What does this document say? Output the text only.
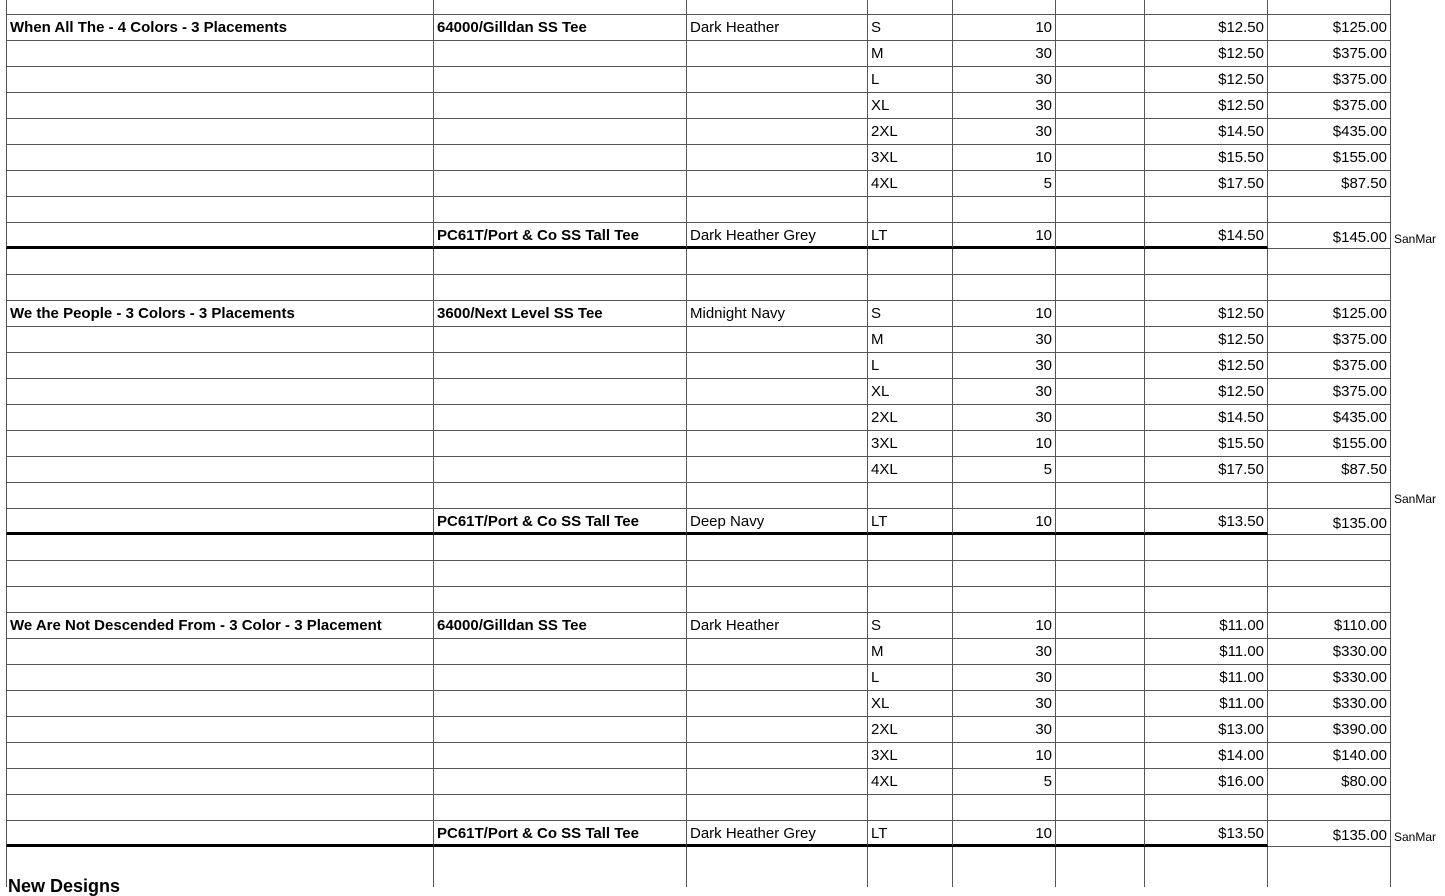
When All The - 4 Colors - 3 Placements	64000/Gilldan SS Tee	Dark Heather	S	10	$12.50	$125.00
M	30	$12.50	$375.00
L	30	$12.50	$375.00
XL	30	$12.50	$375.00
2XL	30	$14.50	$435.00
3XL	10	$15.50	$155.00
4XL	5	$17.50	$87.50
PC61T/Port & Co SS Tall Tee	Dark Heather Grey	LT	10	$14.50	$145.00 SanMar
We the People - 3 Colors - 3 Placements	3600/Next Level SS Tee	Midnight Navy	S	10	$12.50	$125.00
M	30	$12.50	$375.00
L	30	$12.50	$375.00
XL	30	$12.50	$375.00
2XL	30	$14.50	$435.00
3XL	10	$15.50	$155.00
4XL	5	$17.50	$87.50
SanMar
PC61T/Port & Co SS Tall Tee	Deep Navy	LT	10	$13.50	$135.00
We Are Not Descended From - 3 Color - 3 Placement	64000/Gilldan SS Tee	Dark Heather	S	10	$11.00	$110.00
M	30	$11.00	$330.00
L	30	$11.00	$330.00
XL	30	$11.00	$330.00
2XL	30	$13.00	$390.00
3XL	10	$14.00	$140.00
4XL	5	$16.00	$80.00
PC61T/Port & Co SS Tall Tee	Dark Heather Grey	LT	10	$13.50	$135.00 SanMar
New Designs
